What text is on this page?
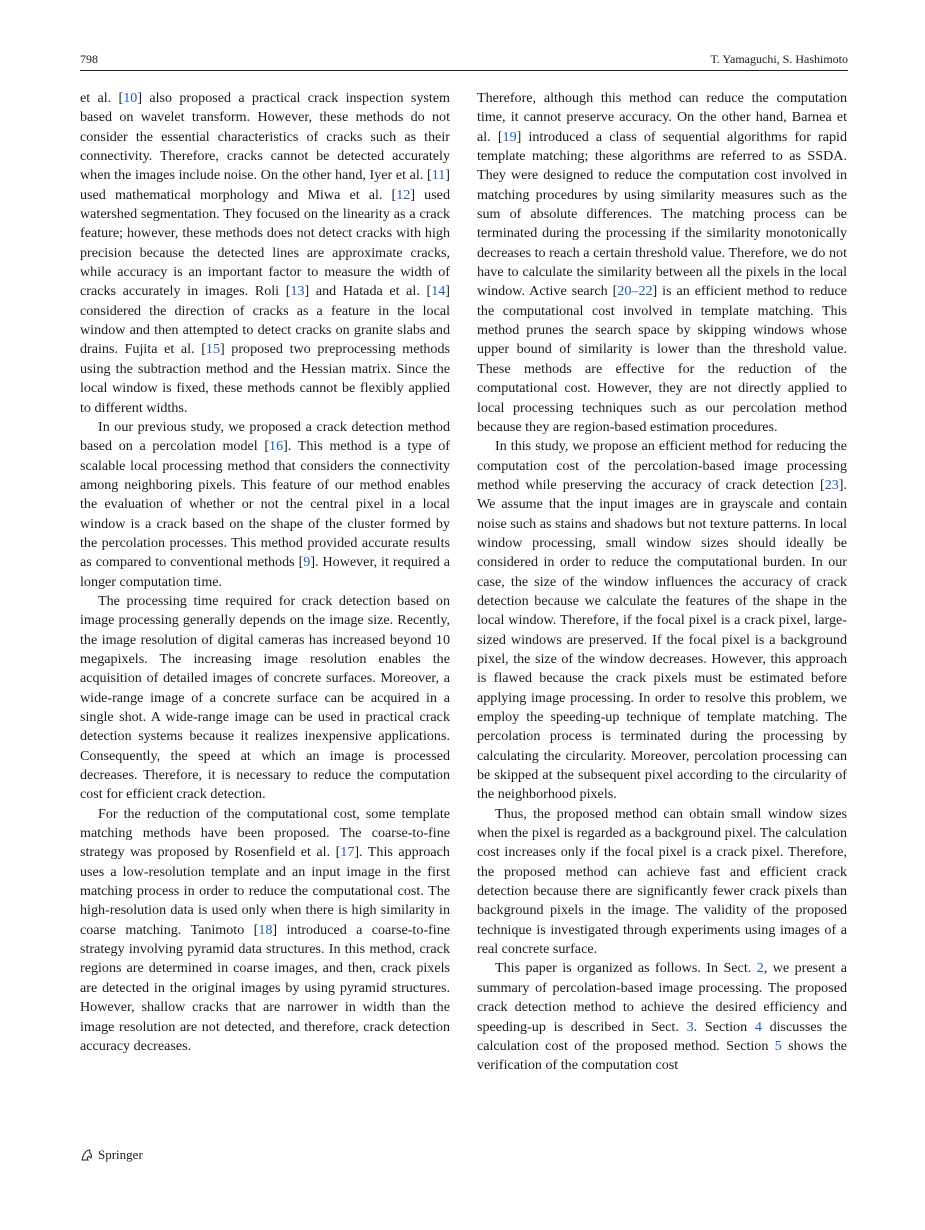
798	T. Yamaguchi, S. Hashimoto

et al. [10] also proposed a practical crack inspection system based on wavelet transform. However, these methods do not consider the essential characteristics of cracks such as their connectivity. Therefore, cracks cannot be detected accurately when the images include noise. On the other hand, Iyer et al. [11] used mathematical morphology and Miwa et al. [12] used watershed segmentation. They focused on the linearity as a crack feature; however, these methods does not detect cracks with high precision because the detected lines are approximate cracks, while accuracy is an important factor to measure the width of cracks accurately in images. Roli [13] and Hatada et al. [14] considered the direction of cracks as a feature in the local window and then attempted to detect cracks on granite slabs and drains. Fujita et al. [15] proposed two preprocessing methods using the subtraction method and the Hessian matrix. Since the local window is fixed, these methods cannot be flexibly applied to different widths.

In our previous study, we proposed a crack detection method based on a percolation model [16]. This method is a type of scalable local processing method that considers the connectivity among neighboring pixels. This feature of our method enables the evaluation of whether or not the central pixel in a local window is a crack based on the shape of the cluster formed by the percolation processes. This method provided accurate results as compared to conventional methods [9]. However, it required a longer computation time.

The processing time required for crack detection based on image processing generally depends on the image size. Recently, the image resolution of digital cameras has increased beyond 10 megapixels. The increasing image resolution enables the acquisition of detailed images of concrete surfaces. Moreover, a wide-range image of a concrete surface can be acquired in a single shot. A wide-range image can be used in practical crack detection systems because it realizes inexpensive applications. Consequently, the speed at which an image is processed decreases. Therefore, it is necessary to reduce the computation cost for efficient crack detection.

For the reduction of the computational cost, some template matching methods have been proposed. The coarse-to-fine strategy was proposed by Rosenfield et al. [17]. This approach uses a low-resolution template and an input image in the first matching process in order to reduce the computational cost. The high-resolution data is used only when there is high similarity in coarse matching. Tanimoto [18] introduced a coarse-to-fine strategy involving pyramid data structures. In this method, crack regions are determined in coarse images, and then, crack pixels are detected in the original images by using pyramid structures. However, shallow cracks that are narrower in width than the image resolution are not detected, and therefore, crack detection accuracy decreases.

Therefore, although this method can reduce the computation time, it cannot preserve accuracy. On the other hand, Barnea et al. [19] introduced a class of sequential algorithms for rapid template matching; these algorithms are referred to as SSDA. They were designed to reduce the computation cost involved in matching procedures by using similarity measures such as the sum of absolute differences. The matching process can be terminated during the processing if the similarity monotonically decreases to reach a certain threshold value. Therefore, we do not have to calculate the similarity between all the pixels in the local window. Active search [20–22] is an efficient method to reduce the computational cost involved in template matching. This method prunes the search space by skipping windows whose upper bound of similarity is lower than the threshold value. These methods are effective for the reduction of the computational cost. However, they are not directly applied to local processing techniques such as our percolation method because they are region-based estimation procedures.

In this study, we propose an efficient method for reducing the computation cost of the percolation-based image processing method while preserving the accuracy of crack detection [23]. We assume that the input images are in grayscale and contain noise such as stains and shadows but not texture patterns. In local window processing, small window sizes should ideally be considered in order to reduce the computational burden. In our case, the size of the window influences the accuracy of crack detection because we calculate the features of the shape in the local window. Therefore, if the focal pixel is a crack pixel, large-sized windows are preserved. If the focal pixel is a background pixel, the size of the window decreases. However, this approach is flawed because the crack pixels must be estimated before applying image processing. In order to resolve this problem, we employ the speeding-up technique of template matching. The percolation process is terminated during the processing by calculating the circularity. Moreover, percolation processing can be skipped at the subsequent pixel according to the circularity of the neighborhood pixels.

Thus, the proposed method can obtain small window sizes when the pixel is regarded as a background pixel. The calculation cost increases only if the focal pixel is a crack pixel. Therefore, the proposed method can achieve fast and efficient crack detection because there are significantly fewer crack pixels than background pixels in the image. The validity of the proposed technique is investigated through experiments using images of a real concrete surface.

This paper is organized as follows. In Sect. 2, we present a summary of percolation-based image processing. The proposed crack detection method to achieve the desired efficiency and speeding-up is described in Sect. 3. Section 4 discusses the calculation cost of the proposed method. Section 5 shows the verification of the computation cost

Springer
